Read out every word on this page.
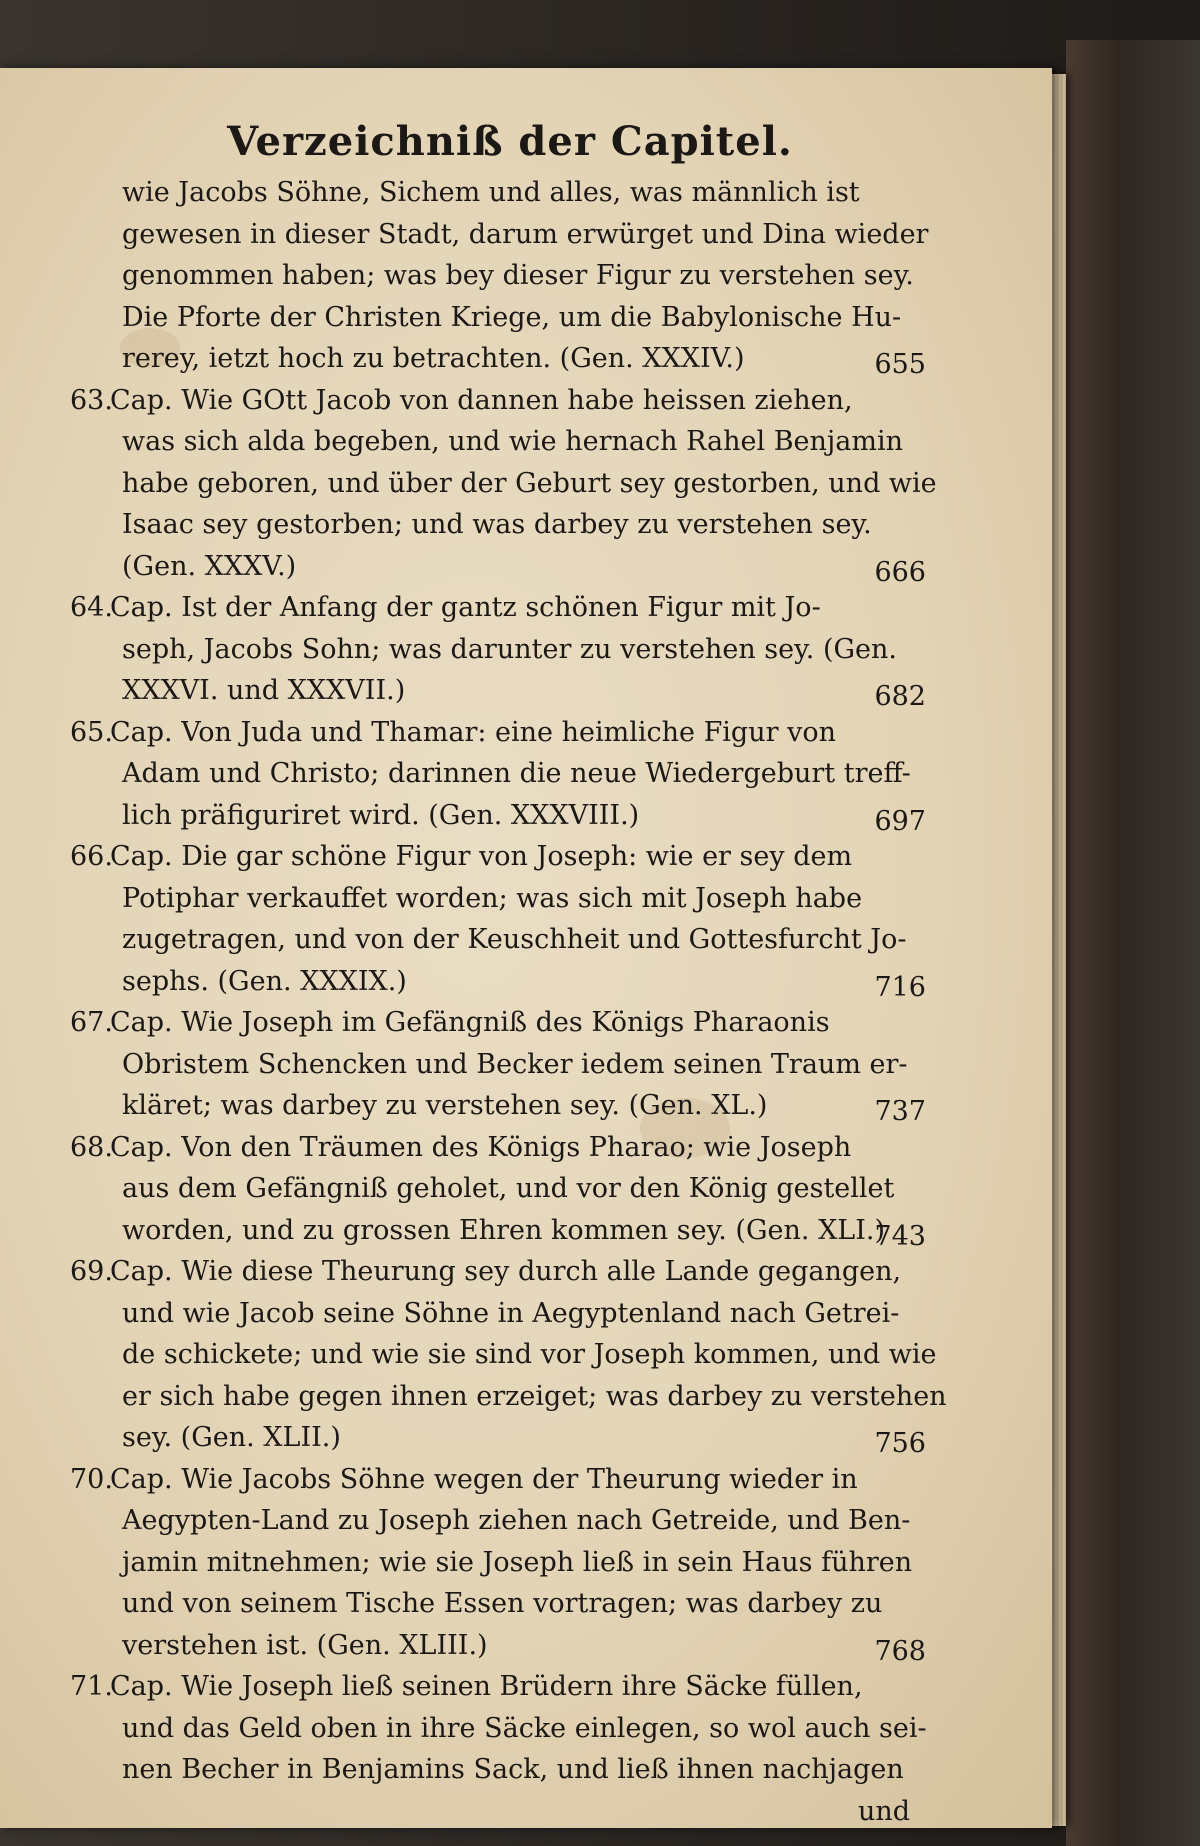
Verzeichniß der Capitel.
wie Jacobs Söhne, Sichem und alles, was männlich ist
gewesen in dieser Stadt, darum erwürget und Dina wieder
genommen haben; was bey dieser Figur zu verstehen sey.
Die Pforte der Christen Kriege, um die Babylonische Hu-
rerey, ietzt hoch zu betrachten. (Gen. XXXIV.)	655
63.
Cap. Wie GOtt Jacob von dannen habe heissen ziehen,
was sich alda begeben, und wie hernach Rahel Benjamin
habe geboren, und über der Geburt sey gestorben, und wie
Isaac sey gestorben; und was darbey zu verstehen sey.
(Gen. XXXV.)	666
64.
Cap. Ist der Anfang der gantz schönen Figur mit Jo-
seph, Jacobs Sohn; was darunter zu verstehen sey. (Gen.
XXXVI. und XXXVII.)	682
65.
Cap. Von Juda und Thamar: eine heimliche Figur von
Adam und Christo; darinnen die neue Wiedergeburt treff-
lich präfiguriret wird. (Gen. XXXVIII.)	697
66.
Cap. Die gar schöne Figur von Joseph: wie er sey dem
Potiphar verkauffet worden; was sich mit Joseph habe
zugetragen, und von der Keuschheit und Gottesfurcht Jo-
sephs. (Gen. XXXIX.)	716
67.
Cap. Wie Joseph im Gefängniß des Königs Pharaonis
Obristem Schencken und Becker iedem seinen Traum er-
kläret; was darbey zu verstehen sey. (Gen. XL.)	737
68.
Cap. Von den Träumen des Königs Pharao; wie Joseph
aus dem Gefängniß geholet, und vor den König gestellet
worden, und zu grossen Ehren kommen sey. (Gen. XLI.)
743
69.
Cap. Wie diese Theurung sey durch alle Lande gegangen,
und wie Jacob seine Söhne in Aegyptenland nach Getrei-
de schickete; und wie sie sind vor Joseph kommen, und wie
er sich habe gegen ihnen erzeiget; was darbey zu verstehen
sey. (Gen. XLII.)	756
70.
Cap. Wie Jacobs Söhne wegen der Theurung wieder in
Aegypten-Land zu Joseph ziehen nach Getreide, und Ben-
jamin mitnehmen; wie sie Joseph ließ in sein Haus führen
und von seinem Tische Essen vortragen; was darbey zu
verstehen ist. (Gen. XLIII.)	768
71.
Cap. Wie Joseph ließ seinen Brüdern ihre Säcke füllen,
und das Geld oben in ihre Säcke einlegen, so wol auch sei-
nen Becher in Benjamins Sack, und ließ ihnen nachjagen
und
